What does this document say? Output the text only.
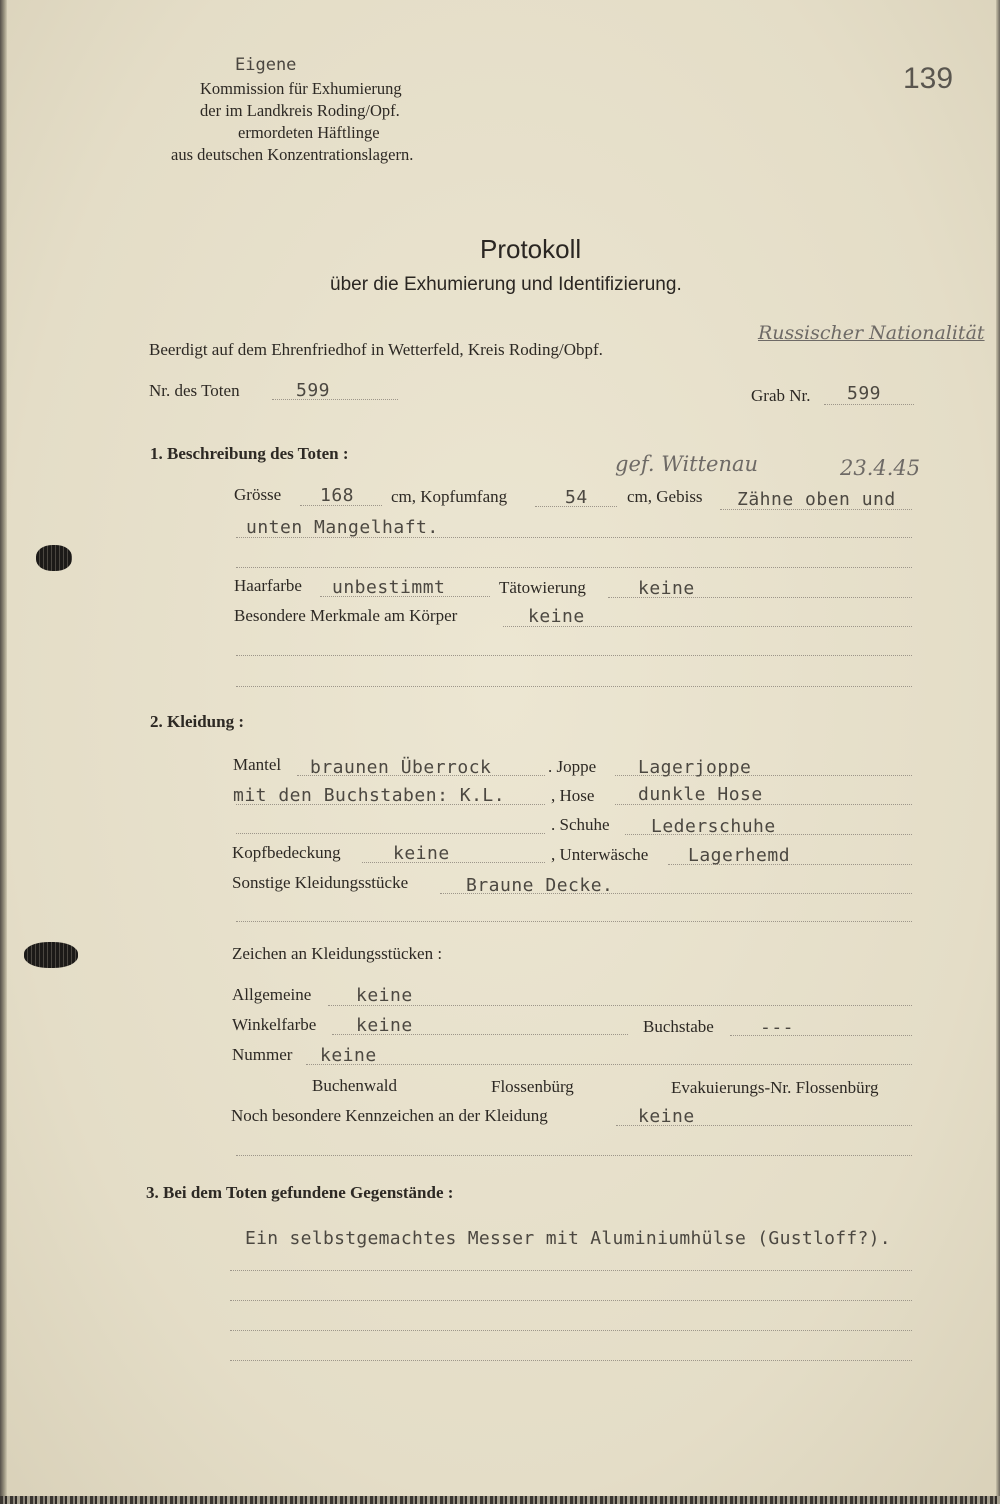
Eigene
Kommission für Exhumierung
der im Landkreis Roding/Opf.
ermordeten Häftlinge
aus deutschen Konzentrationslagern.
139
Protokoll
über die Exhumierung und Identifizierung.
Beerdigt auf dem Ehrenfriedhof in Wetterfeld, Kreis Roding/Obpf.
Russischer Nationalität
Nr. des Toten	599	Grab Nr. 599
1. Beschreibung des Toten :	gef. Wittenau	23.4.45
Grösse 168 cm, Kopfumfang	54 cm, Gebiss Zähne oben und
unten Mangelhaft.
Haarfarbe unbestimmt	Tätowierung	keine
Besondere Merkmale am Körper	keine
2. Kleidung :
Mantel braunen Überrock	. Joppe Lagerjoppe
mit den Buchstaben: K.L.	, Hose dunkle Hose
. Schuhe Lederschuhe
Kopfbedeckung	keine	, Unterwäsche Lagerhemd
Sonstige Kleidungsstücke	Braune Decke.
Zeichen an Kleidungsstücken :
Allgemeine keine
Winkelfarbe keine	Buchstabe	---
Nummer keine
Buchenwald	Flossenbürg	Evakuierungs-Nr. Flossenbürg
Noch besondere Kennzeichen an der Kleidung	keine
3. Bei dem Toten gefundene Gegenstände :
Ein selbstgemachtes Messer mit Aluminiumhülse (Gustloff?).
